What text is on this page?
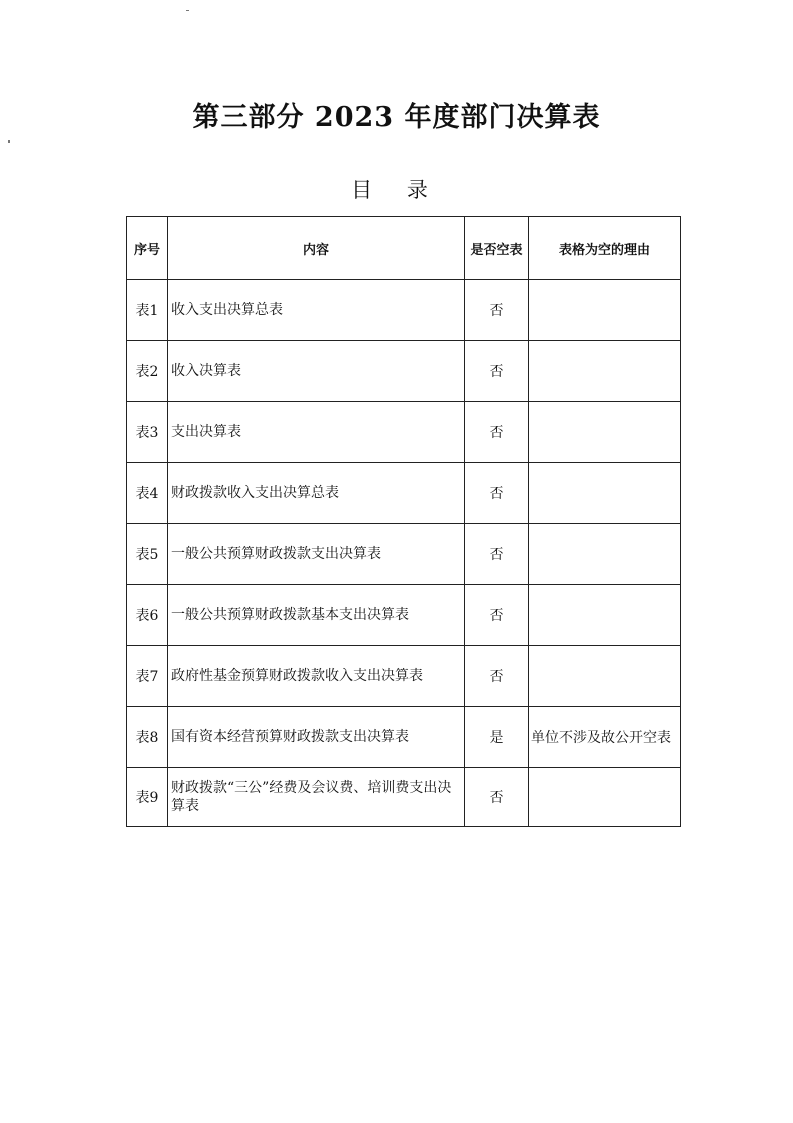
第三部分 2023 年度部门决算表
目 录
序号	内容	是否空表	表格为空的理由
表1	收入支出决算总表	否	
表2	收入决算表	否	
表3	支出决算表	否	
表4	财政拨款收入支出决算总表	否	
表5	一般公共预算财政拨款支出决算表	否	
表6	一般公共预算财政拨款基本支出决算表	否	
表7	政府性基金预算财政拨款收入支出决算表	否	
表8	国有资本经营预算财政拨款支出决算表	是	单位不涉及故公开空表
表9	财政拨款“三公”经费及会议费、培训费支出决算表	否	
